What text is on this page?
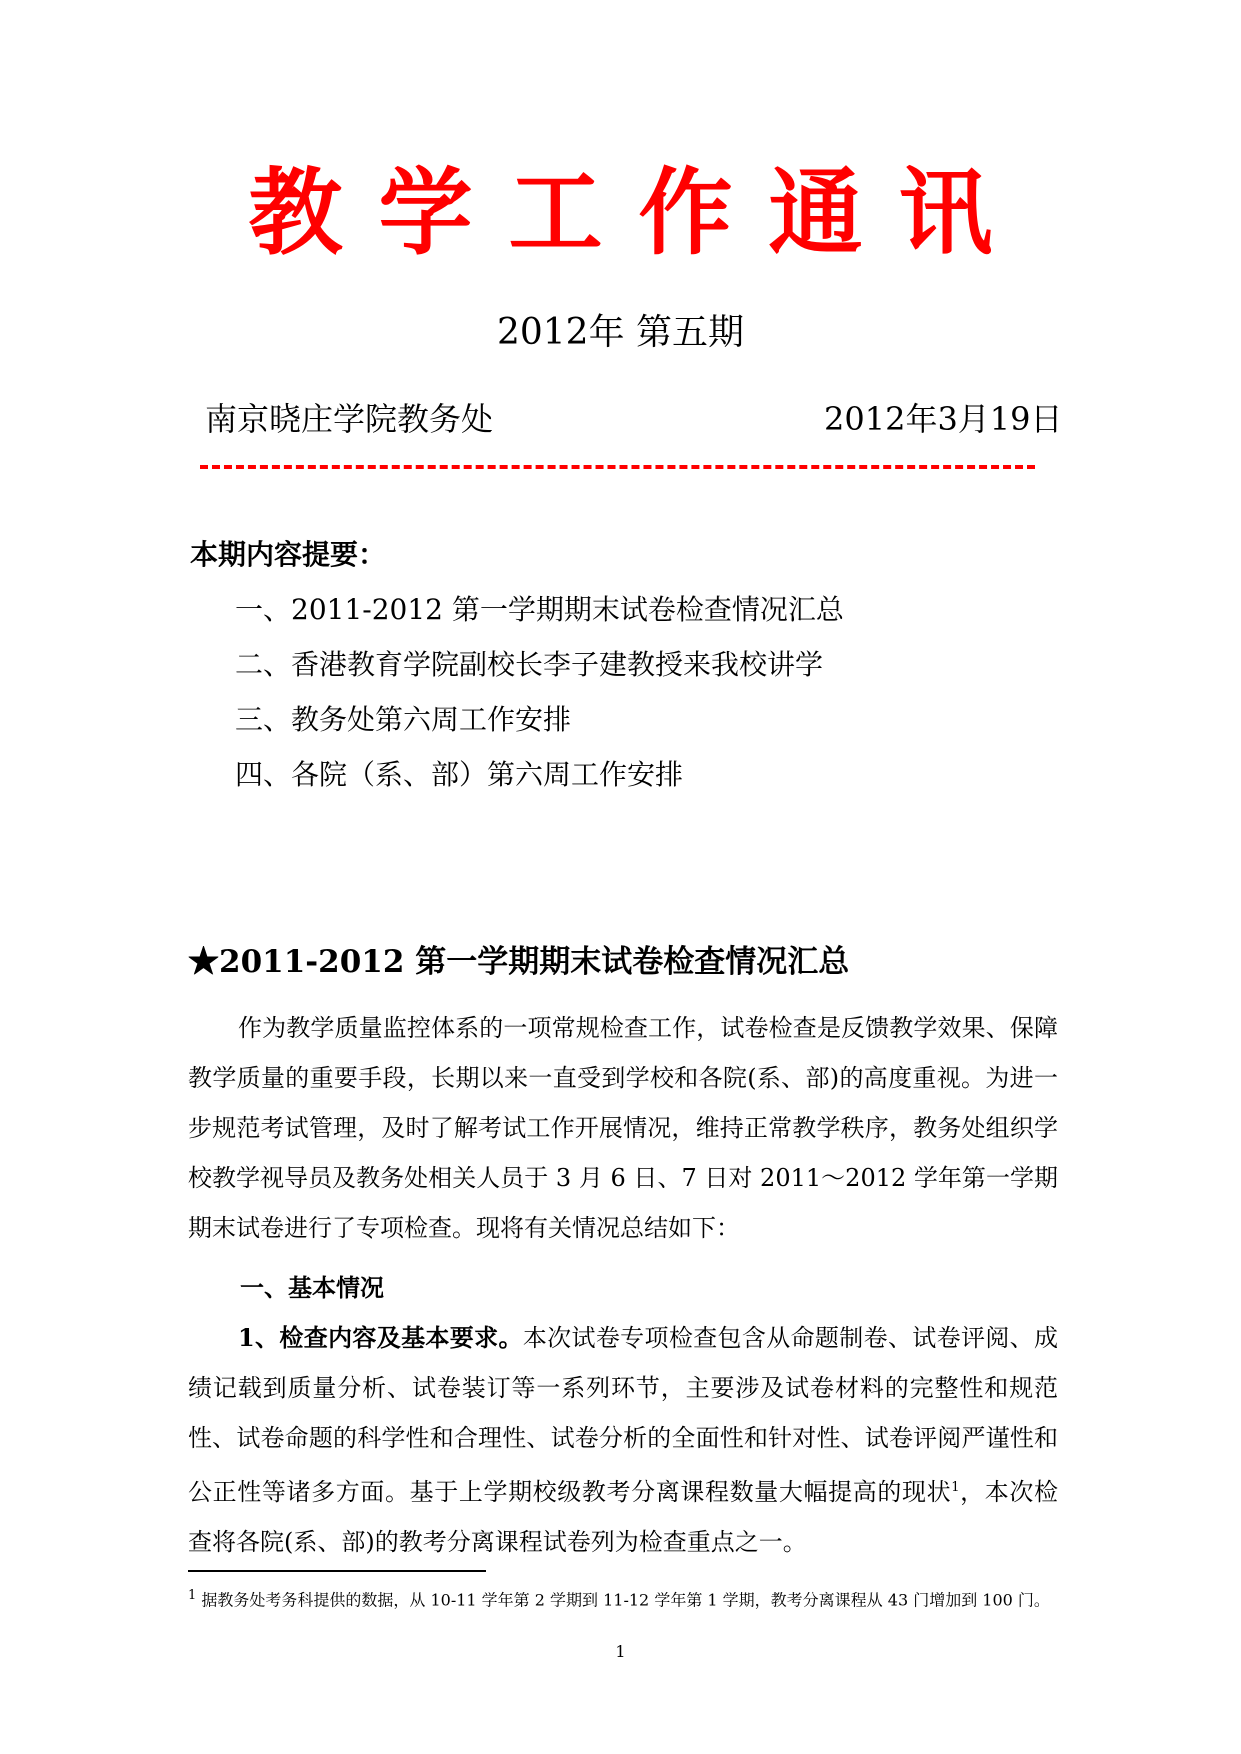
教学工作通讯
2012年 第五期
南京晓庄学院教务处	2012年3月19日
本期内容提要：
一、2011-2012 第一学期期末试卷检查情况汇总
二、香港教育学院副校长李子建教授来我校讲学
三、教务处第六周工作安排
四、各院（系、部）第六周工作安排
★2011-2012 第一学期期末试卷检查情况汇总
作为教学质量监控体系的一项常规检查工作，试卷检查是反馈教学效果、保障教学质量的重要手段，长期以来一直受到学校和各院(系、部)的高度重视。为进一步规范考试管理，及时了解考试工作开展情况，维持正常教学秩序，教务处组织学校教学视导员及教务处相关人员于 3 月 6 日、7 日对 2011～2012 学年第一学期期末试卷进行了专项检查。现将有关情况总结如下：
一、基本情况
1、检查内容及基本要求。本次试卷专项检查包含从命题制卷、试卷评阅、成绩记载到质量分析、试卷装订等一系列环节，主要涉及试卷材料的完整性和规范性、试卷命题的科学性和合理性、试卷分析的全面性和针对性、试卷评阅严谨性和公正性等诸多方面。基于上学期校级教考分离课程数量大幅提高的现状$^1$，本次检查将各院(系、部)的教考分离课程试卷列为检查重点之一。
$^1$ 据教务处考务科提供的数据，从 10-11 学年第 2 学期到 11-12 学年第 1 学期，教考分离课程从 43 门增加到 100 门。
1
